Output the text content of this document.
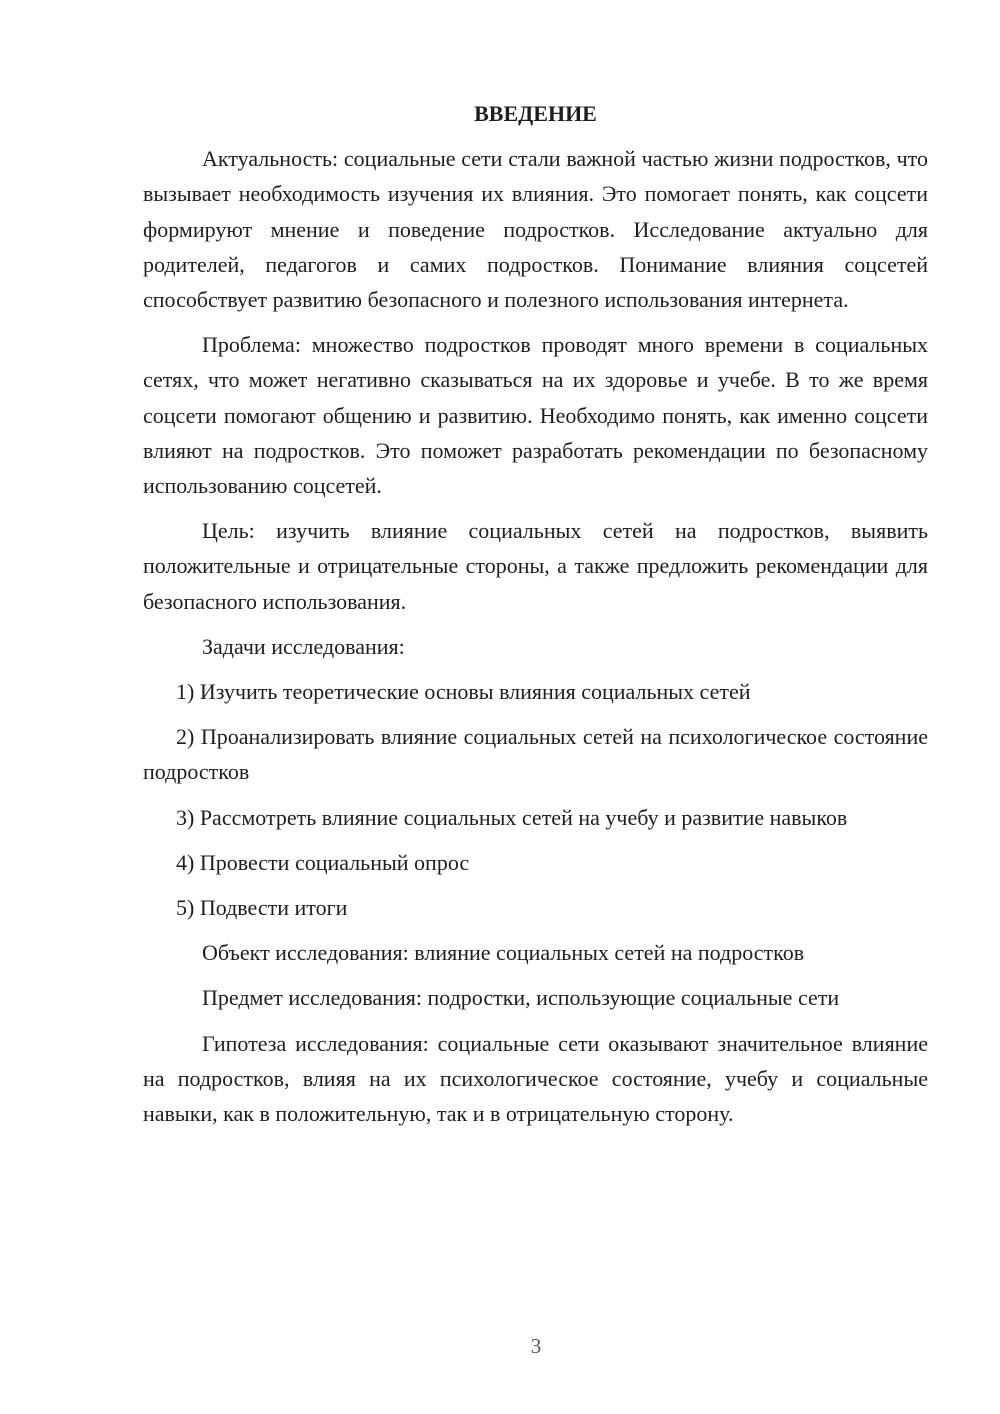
ВВЕДЕНИЕ

Актуальность: социальные сети стали важной частью жизни подростков, что вызывает необходимость изучения их влияния. Это помогает понять, как соцсети формируют мнение и поведение подростков. Исследование актуально для родителей, педагогов и самих подростков. Понимание влияния соцсетей способствует развитию безопасного и полезного использования интернета.

Проблема: множество подростков проводят много времени в социальных сетях, что может негативно сказываться на их здоровье и учебе. В то же время соцсети помогают общению и развитию. Необходимо понять, как именно соцсети влияют на подростков. Это поможет разработать рекомендации по безопасному использованию соцсетей.

Цель: изучить влияние социальных сетей на подростков, выявить положительные и отрицательные стороны, а также предложить рекомендации для безопасного использования.

Задачи исследования:

1) Изучить теоретические основы влияния социальных сетей

2) Проанализировать влияние социальных сетей на психологическое состояние подростков

3) Рассмотреть влияние социальных сетей на учебу и развитие навыков

4) Провести социальный опрос

5) Подвести итоги

Объект исследования: влияние социальных сетей на подростков

Предмет исследования: подростки, использующие социальные сети

Гипотеза исследования: социальные сети оказывают значительное влияние на подростков, влияя на их психологическое состояние, учебу и социальные навыки, как в положительную, так и в отрицательную сторону.

3
